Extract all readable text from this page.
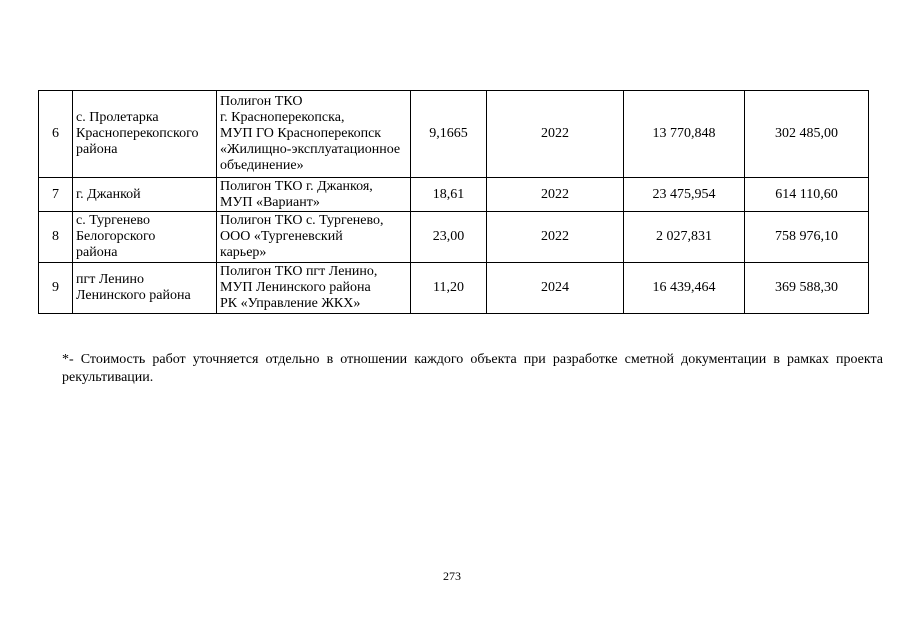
6	с. Пролетарка
Красноперекопского
района	Полигон ТКО
г. Красноперекопска,
МУП ГО Красноперекопск
«Жилищно-эксплуатационное
объединение»	9,1665	2022	13 770,848	302 485,00
7	г. Джанкой	Полигон ТКО г. Джанкоя,
МУП «Вариант»	18,61	2022	23 475,954	614 110,60
8	с. Тургенево
Белогорского
района	Полигон ТКО с. Тургенево,
ООО «Тургеневский
карьер»	23,00	2022	2 027,831	758 976,10
9	пгт Ленино
Ленинского района	Полигон ТКО пгт Ленино,
МУП Ленинского района
РК «Управление ЖКХ»	11,20	2024	16 439,464	369 588,30

*- Стоимость работ уточняется отдельно в отношении каждого объекта при разработке сметной документации в рамках проекта рекультивации.

273
